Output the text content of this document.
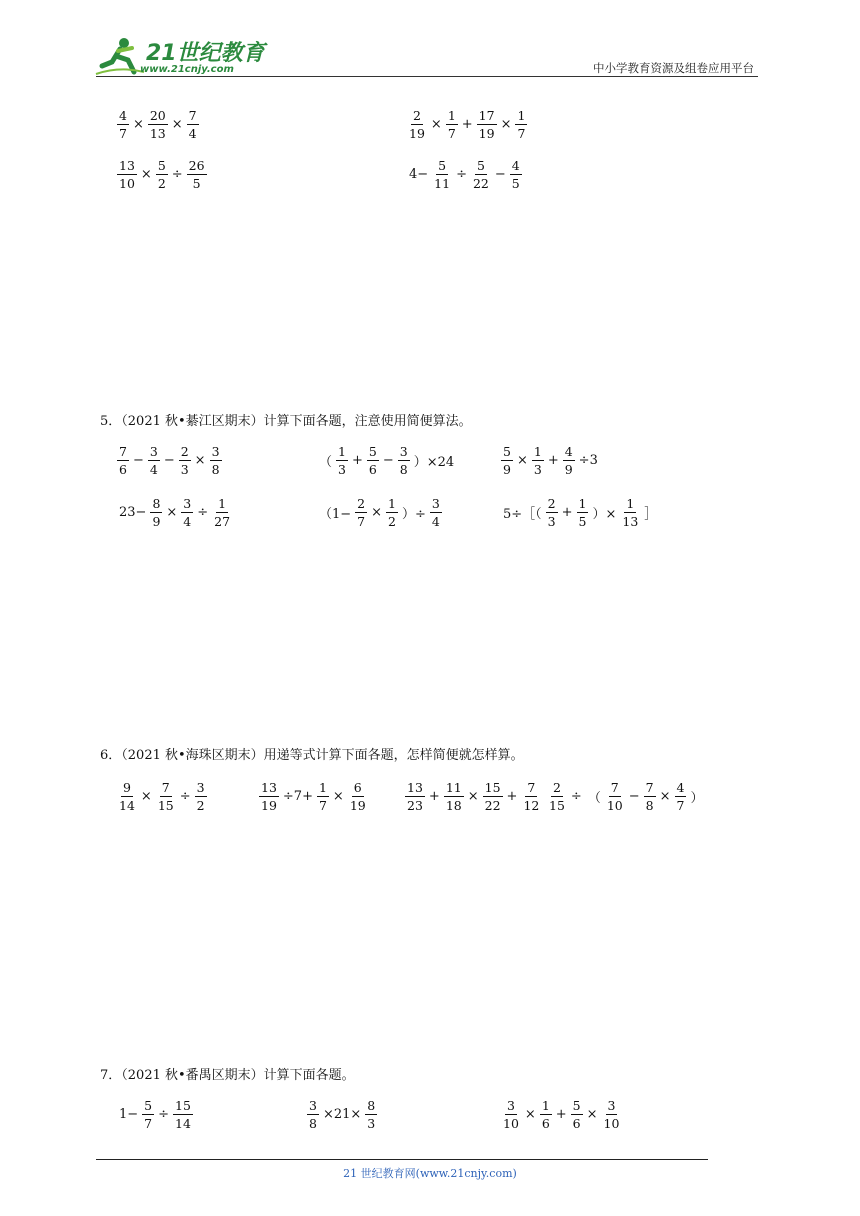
21世纪教育
www.21cnjy.com	中小学教育资源及组卷应用平台
$\frac{4}{7} \times \frac{20}{13} \times \frac{7}{4}$	$\frac{2}{19} \times \frac{1}{7} + \frac{17}{19} \times \frac{1}{7}$
$\frac{13}{10} \times \frac{5}{2} \div \frac{26}{5}$	$4- \frac{5}{11} \div \frac{5}{22} - \frac{4}{5}$
5．（2021 秋•綦江区期末）计算下面各题，注意使用简便算法。
$\frac{7}{6} - \frac{3}{4} - \frac{2}{3} \times \frac{3}{8}$	（ $\frac{1}{3} + \frac{5}{6} - \frac{3}{8} )\times 24$	$\frac{5}{9} \times \frac{1}{3} + \frac{4}{9} \div 3$
$23- \frac{8}{9} \times \frac{3}{4} \div \frac{1}{27}$	（$1- \frac{2}{7} \times \frac{1}{2}$ ）÷ $\frac{3}{4}$	5÷［（ $\frac{2}{3} + \frac{1}{5}$ ）× $\frac{1}{13}$ ］
6．（2021 秋•海珠区期末）用递等式计算下面各题，怎样简便就怎样算。
$\frac{9}{14} \times \frac{7}{15} \div \frac{3}{2}$	$\frac{13}{19} \div 7+ \frac{1}{7} \times \frac{6}{19}$	$\frac{13}{23} + \frac{11}{18} \times \frac{15}{22} + \frac{7}{12} \frac{2}{15}$ ÷ （ $\frac{7}{10} - \frac{7}{8} \times \frac{4}{7}$ ）
7．（2021 秋•番禺区期末）计算下面各题。
$1- \frac{5}{7} \div \frac{15}{14}$	$\frac{3}{8} \times 21\times \frac{8}{3}$	$\frac{3}{10} \times \frac{1}{6} + \frac{5}{6} \times \frac{3}{10}$
21 世纪教育网(www.21cnjy.com)
